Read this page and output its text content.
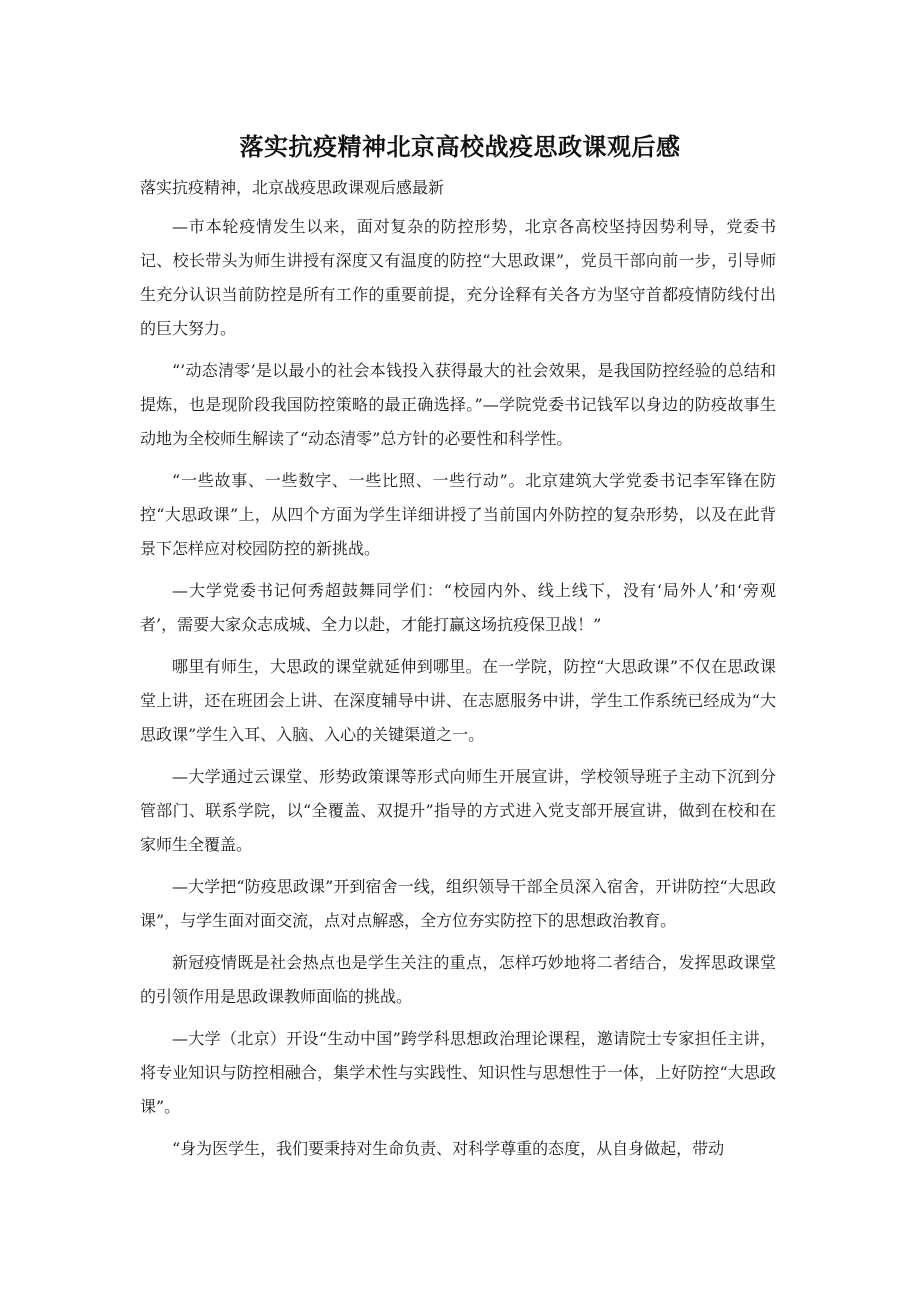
落实抗疫精神北京高校战疫思政课观后感

落实抗疫精神，北京战疫思政课观后感最新

—市本轮疫情发生以来，面对复杂的防控形势，北京各高校坚持因势利导，党委书记、校长带头为师生讲授有深度又有温度的防控“大思政课”，党员干部向前一步，引导师生充分认识当前防控是所有工作的重要前提，充分诠释有关各方为坚守首都疫情防线付出的巨大努力。

“’动态清零’是以最小的社会本钱投入获得最大的社会效果，是我国防控经验的总结和提炼，也是现阶段我国防控策略的最正确选择。”—学院党委书记钱军以身边的防疫故事生动地为全校师生解读了“动态清零”总方针的必要性和科学性。

“一些故事、一些数字、一些比照、一些行动”。北京建筑大学党委书记李军锋在防控“大思政课”上，从四个方面为学生详细讲授了当前国内外防控的复杂形势，以及在此背景下怎样应对校园防控的新挑战。

—大学党委书记何秀超鼓舞同学们：“校园内外、线上线下，没有‘局外人’和‘旁观者’，需要大家众志成城、全力以赴，才能打赢这场抗疫保卫战！”

哪里有师生，大思政的课堂就延伸到哪里。在一学院，防控“大思政课”不仅在思政课堂上讲，还在班团会上讲、在深度辅导中讲、在志愿服务中讲，学生工作系统已经成为“大思政课”学生入耳、入脑、入心的关键渠道之一。

—大学通过云课堂、形势政策课等形式向师生开展宣讲，学校领导班子主动下沉到分管部门、联系学院，以“全覆盖、双提升”指导的方式进入党支部开展宣讲，做到在校和在家师生全覆盖。

—大学把“防疫思政课”开到宿舍一线，组织领导干部全员深入宿舍，开讲防控“大思政课”，与学生面对面交流，点对点解惑，全方位夯实防控下的思想政治教育。

新冠疫情既是社会热点也是学生关注的重点，怎样巧妙地将二者结合，发挥思政课堂的引领作用是思政课教师面临的挑战。

—大学（北京）开设“生动中国”跨学科思想政治理论课程，邀请院士专家担任主讲，将专业知识与防控相融合，集学术性与实践性、知识性与思想性于一体，上好防控“大思政课”。

“身为医学生，我们要秉持对生命负责、对科学尊重的态度，从自身做起，带动
